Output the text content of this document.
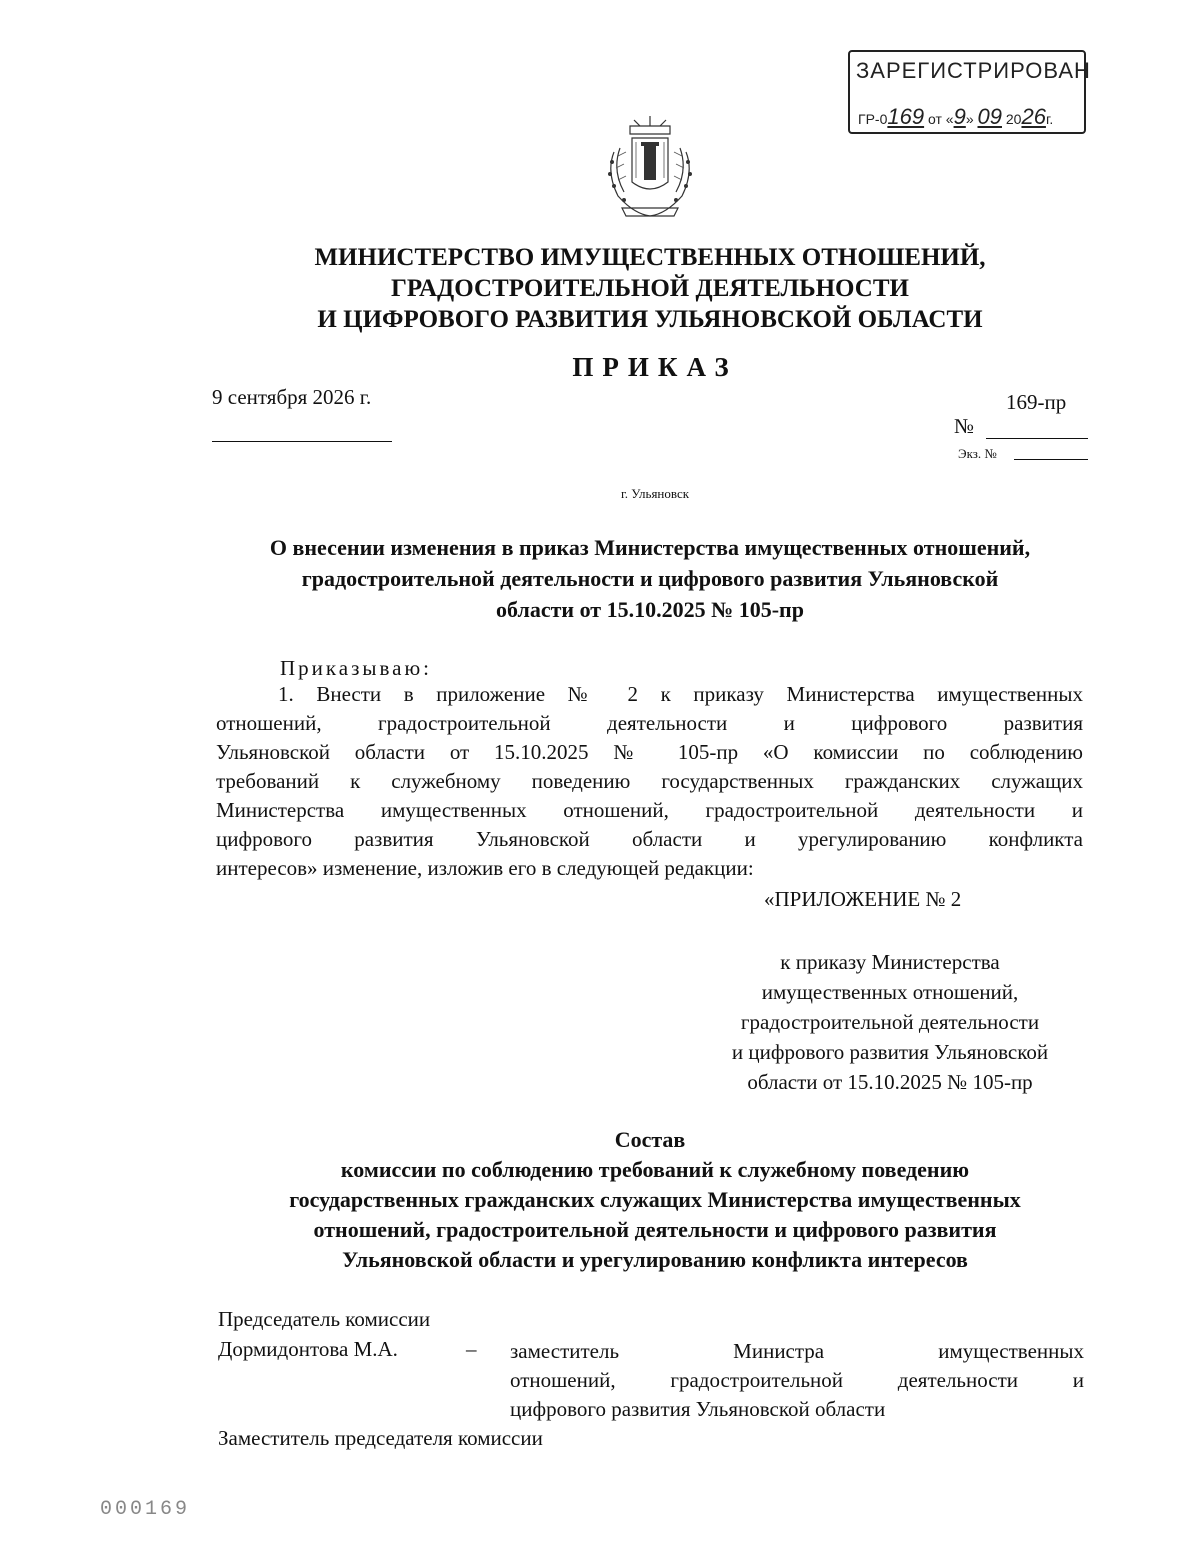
ЗАРЕГИСТРИРОВАН
ГР-0169 от «9» 09 2026г.
МИНИСТЕРСТВО ИМУЩЕСТВЕННЫХ ОТНОШЕНИЙ,
ГРАДОСТРОИТЕЛЬНОЙ ДЕЯТЕЛЬНОСТИ
И ЦИФРОВОГО РАЗВИТИЯ УЛЬЯНОВСКОЙ ОБЛАСТИ
ПРИКАЗ
9 сентября 2026 г.	169-пр
№
Экз. №
г. Ульяновск
О внесении изменения в приказ Министерства имущественных отношений,
градостроительной деятельности и цифрового развития Ульяновской
области от 15.10.2025 № 105-пр
Приказываю:
1. Внести в приложение № 2 к приказу Министерства имущественных
отношений, градостроительной деятельности и цифрового развития
Ульяновской области от 15.10.2025 № 105-пр «О комиссии по соблюдению
требований к служебному поведению государственных гражданских служащих
Министерства имущественных отношений, градостроительной деятельности и
цифрового развития Ульяновской области и урегулированию конфликта
интересов» изменение, изложив его в следующей редакции:
«ПРИЛОЖЕНИЕ № 2
к приказу Министерства
имущественных отношений,
градостроительной деятельности
и цифрового развития Ульяновской
области от 15.10.2025 № 105-пр
Состав
комиссии по соблюдению требований к служебному поведению
государственных гражданских служащих Министерства имущественных
отношений, градостроительной деятельности и цифрового развития
Ульяновской области и урегулированию конфликта интересов
Председатель комиссии
Дормидонтова М.А.	– заместитель Министра имущественных
отношений, градостроительной деятельности и
цифрового развития Ульяновской области
Заместитель председателя комиссии
000169
